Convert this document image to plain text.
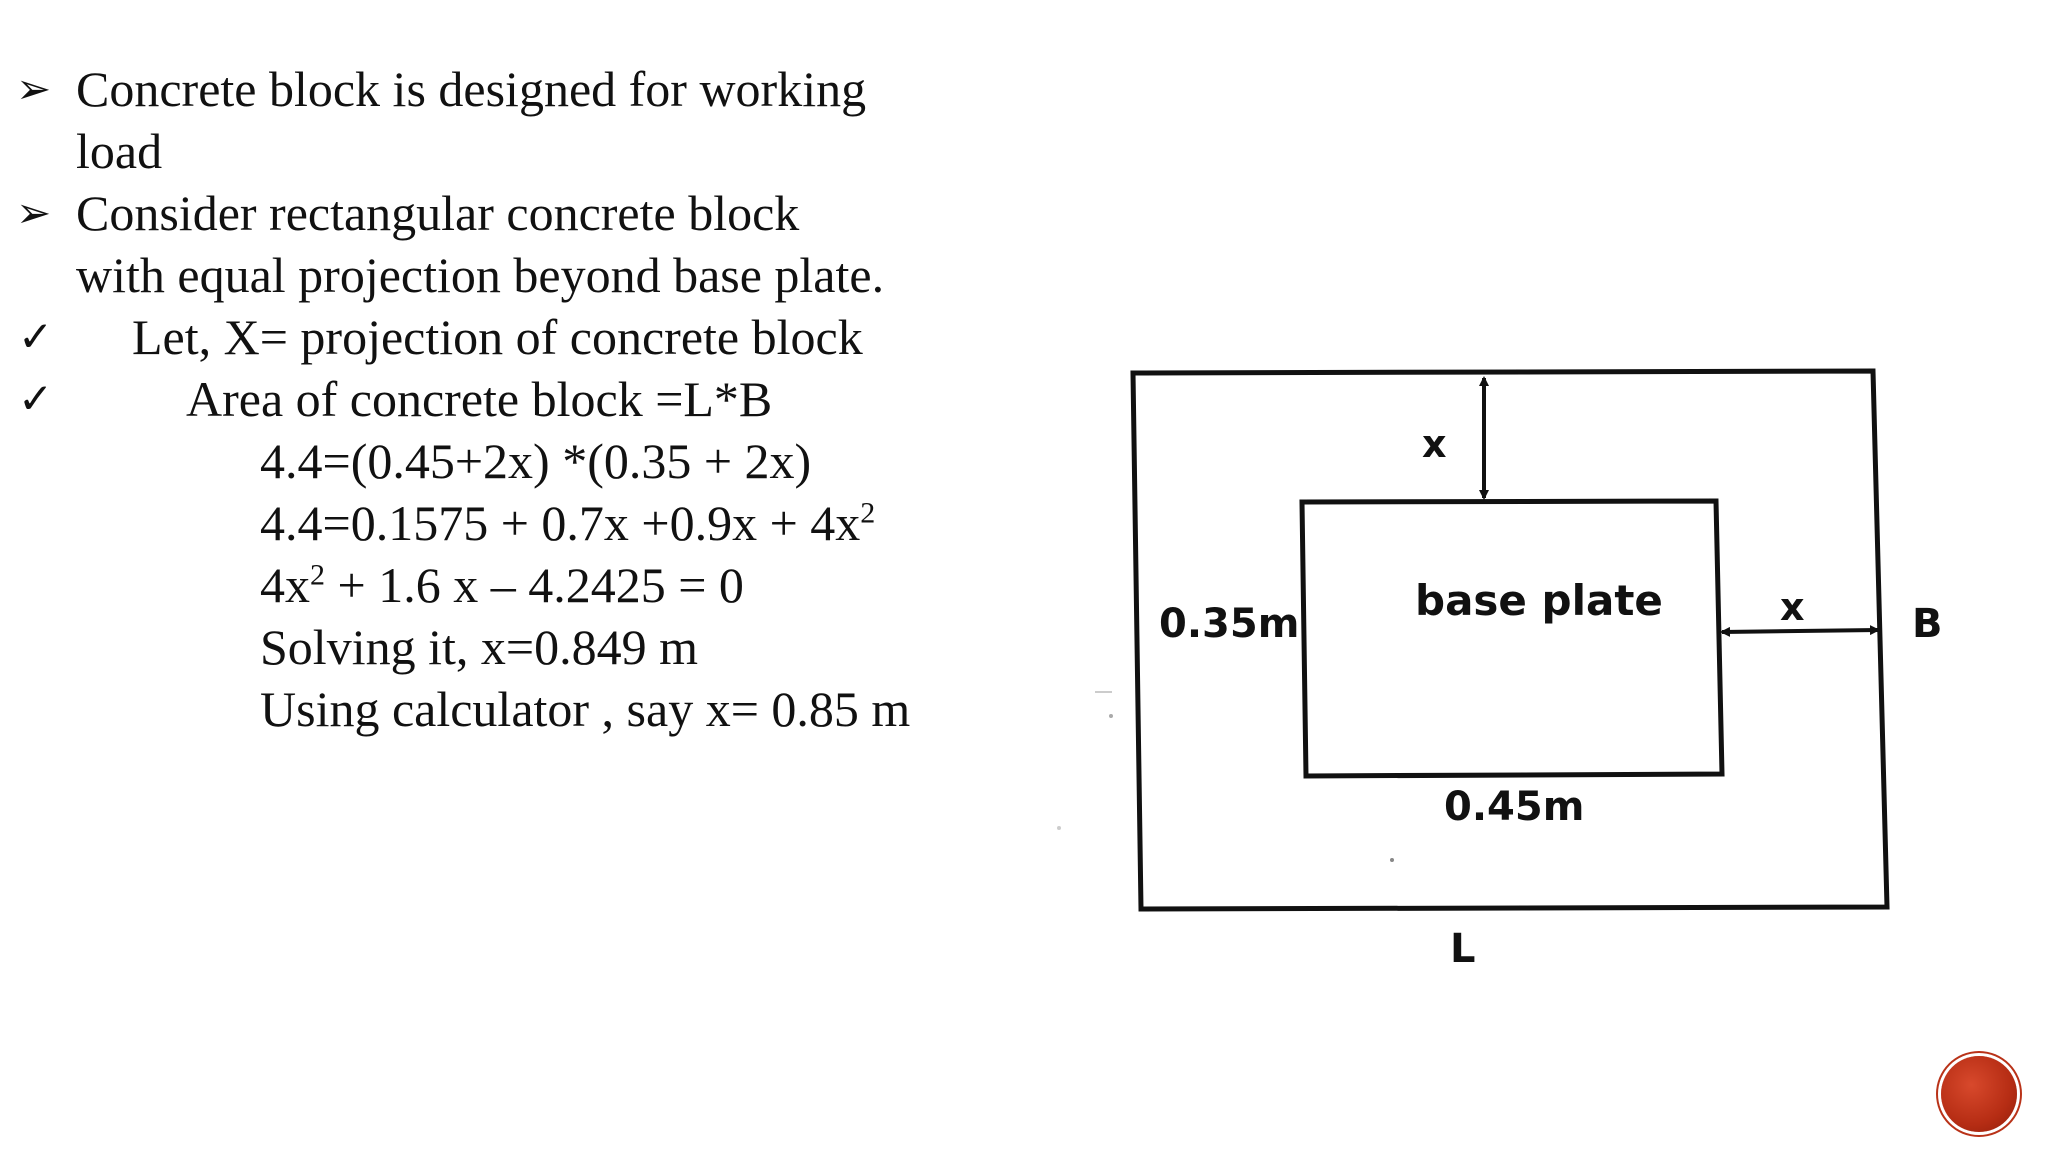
➢ Concrete block is designed for working
load
➢ Consider rectangular concrete block
with equal projection beyond base plate.
✓ Let, X= projection of concrete block
✓	Area of concrete block =L*B
4.4=(0.45+2x) *(0.35 + 2x)
$4.4=0.1575 + 0.7x +0.9x + 4x^2$
$4x^2 + 1.6$ x – 4.2425 = 0
Solving it, x=0.849 m
Using calculator , say x= 0.85 m
x
x
base plate
0.35m
0.45m
B
L
